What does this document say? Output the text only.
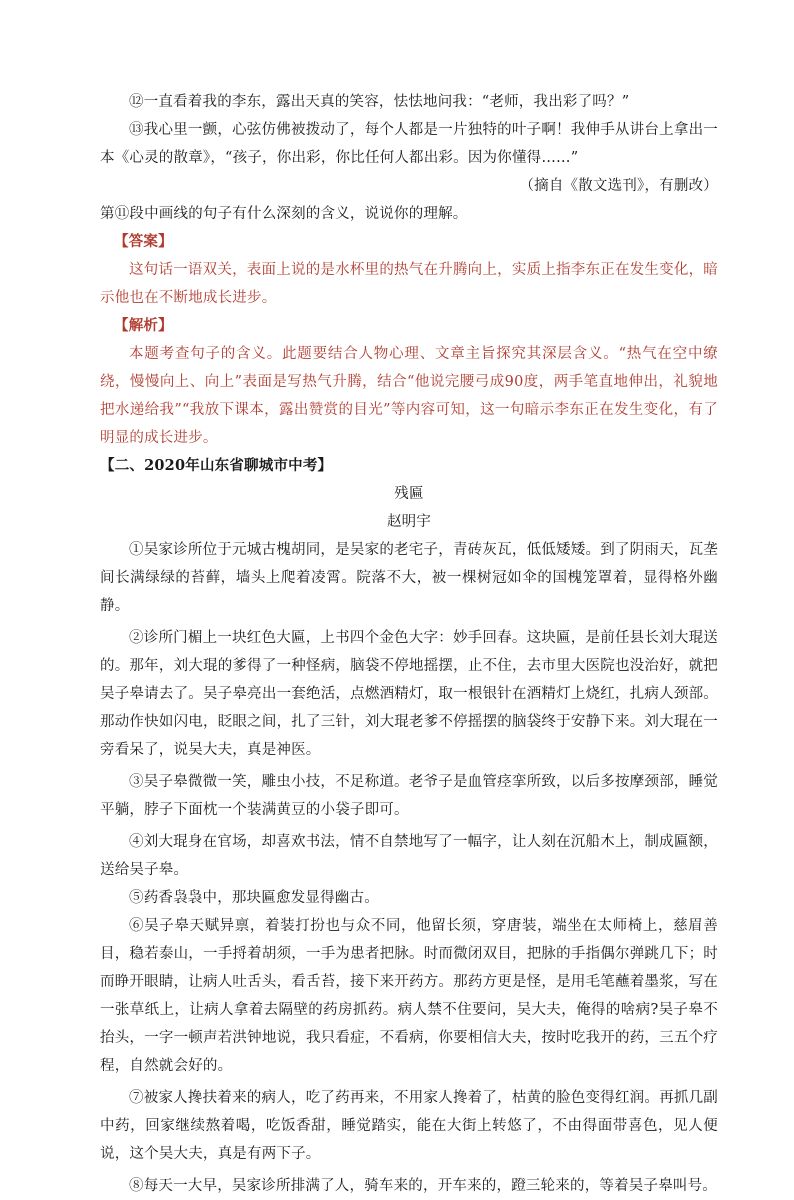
⑫一直看着我的李东，露出天真的笑容，怯怯地问我：“老师，我出彩了吗？”

⑬我心里一颤，心弦仿佛被拨动了，每个人都是一片独特的叶子啊！我伸手从讲台上拿出一本《心灵的散章》，“孩子，你出彩，你比任何人都出彩。因为你懂得……”

（摘自《散文选刊》，有删改）

第⑪段中画线的句子有什么深刻的含义，说说你的理解。

【答案】

这句话一语双关，表面上说的是水杯里的热气在升腾向上，实质上指李东正在发生变化，暗示他也在不断地成长进步。

【解析】

本题考查句子的含义。此题要结合人物心理、文章主旨探究其深层含义。“热气在空中缭绕，慢慢向上、向上”表面是写热气升腾，结合“他说完腰弓成90度，两手笔直地伸出，礼貌地把水递给我”“我放下课本，露出赞赏的目光”等内容可知，这一句暗示李东正在发生变化，有了明显的成长进步。

【二、2020年山东省聊城市中考】

残匾

赵明宇

①吴家诊所位于元城古槐胡同，是吴家的老宅子，青砖灰瓦，低低矮矮。到了阴雨天，瓦垄间长满绿绿的苔藓，墙头上爬着凌霄。院落不大，被一棵树冠如伞的国槐笼罩着，显得格外幽静。

②诊所门楣上一块红色大匾，上书四个金色大字：妙手回春。这块匾，是前任县长刘大琨送的。那年，刘大琨的爹得了一种怪病，脑袋不停地摇摆，止不住，去市里大医院也没治好，就把吴子皋请去了。吴子皋亮出一套绝活，点燃酒精灯，取一根银针在酒精灯上烧红，扎病人颈部。那动作快如闪电，眨眼之间，扎了三针，刘大琨老爹不停摇摆的脑袋终于安静下来。刘大琨在一旁看呆了，说吴大夫，真是神医。

③吴子皋微微一笑，雕虫小技，不足称道。老爷子是血管痉挛所致，以后多按摩颈部，睡觉平躺，脖子下面枕一个装满黄豆的小袋子即可。

④刘大琨身在官场，却喜欢书法，情不自禁地写了一幅字，让人刻在沉船木上，制成匾额，送给吴子皋。

⑤药香袅袅中，那块匾愈发显得幽古。

⑥吴子皋天赋异禀，着装打扮也与众不同，他留长须，穿唐装，端坐在太师椅上，慈眉善目，稳若泰山，一手捋着胡须，一手为患者把脉。时而微闭双目，把脉的手指偶尔弹跳几下；时而睁开眼睛，让病人吐舌头，看舌苔，接下来开药方。那药方更是怪，是用毛笔蘸着墨浆，写在一张草纸上，让病人拿着去隔壁的药房抓药。病人禁不住要问，吴大夫，俺得的啥病?吴子皋不抬头，一字一顿声若洪钟地说，我只看症，不看病，你要相信大夫，按时吃我开的药，三五个疗程，自然就会好的。

⑦被家人搀扶着来的病人，吃了药再来，不用家人搀着了，枯黄的脸色变得红润。再抓几副中药，回家继续熬着喝，吃饭香甜，睡觉踏实，能在大街上转悠了，不由得面带喜色，见人便说，这个吴大夫，真是有两下子。

⑧每天一大早，吴家诊所排满了人，骑车来的，开车来的，蹬三轮来的，等着吴子皋叫号。
